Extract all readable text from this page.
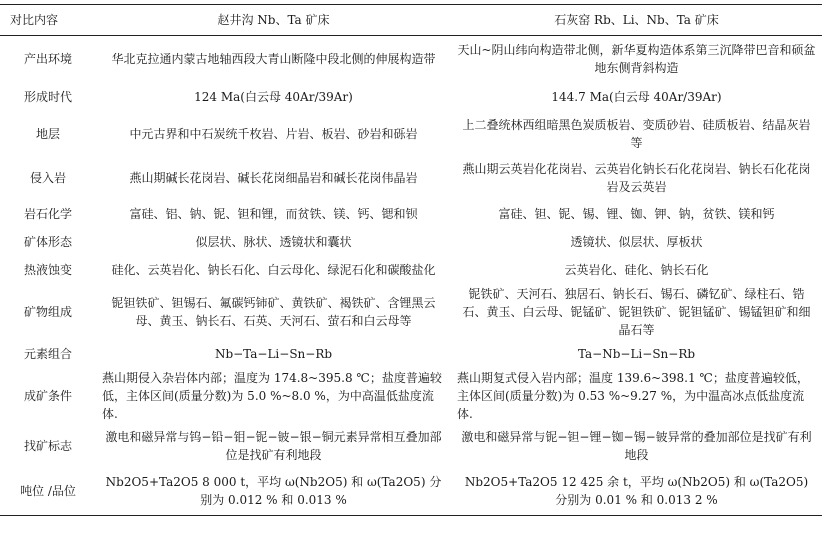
对比内容	赵井沟 Nb、Ta 矿床	石灰窑 Rb、Li、Nb、Ta 矿床
产出环境	华北克拉通内蒙古地轴西段大青山断隆中段北侧的伸展构造带	天山~阴山纬向构造带北侧，新华夏构造体系第三沉降带巴音和硕盆地东侧背斜构造
形成时代	124 Ma(白云母 40Ar/39Ar)	144.7 Ma(白云母 40Ar/39Ar)
地层	中元古界和中石炭统千枚岩、片岩、板岩、砂岩和砾岩	上二叠统林西组暗黑色炭质板岩、变质砂岩、硅质板岩、结晶灰岩等
侵入岩	燕山期碱长花岗岩、碱长花岗细晶岩和碱长花岗伟晶岩	燕山期云英岩化花岗岩、云英岩化钠长石化花岗岩、钠长石化花岗岩及云英岩
岩石化学	富硅、铝、钠、铌、钽和锂，而贫铁、镁、钙、锶和钡	富硅、钽、铌、锡、锂、铷、钾、钠，贫铁、镁和钙
矿体形态	似层状、脉状、透镜状和囊状	透镜状、似层状、厚板状
热液蚀变	硅化、云英岩化、钠长石化、白云母化、绿泥石化和碳酸盐化	云英岩化、硅化、钠长石化
矿物组成	铌钽铁矿、钽锡石、氟碳钙铈矿、黄铁矿、褐铁矿、含锂黑云母、黄玉、钠长石、石英、天河石、萤石和白云母等	铌铁矿、天河石、独居石、钠长石、锡石、磷钇矿、绿柱石、锆石、黄玉、白云母、铌锰矿、铌钽铁矿、铌钽锰矿、锡锰钽矿和细晶石等
元素组合	Nb−Ta−Li−Sn−Rb	Ta−Nb−Li−Sn−Rb
成矿条件	燕山期侵入杂岩体内部；温度为 174.8~395.8 ℃；盐度普遍较低，主体区间(质量分数)为 5.0 %~8.0 %，为中高温低盐度流体.	燕山期复式侵入岩内部；温度 139.6~398.1 ℃；盐度普遍较低，主体区间(质量分数)为 0.53 %~9.27 %，为中温高冰点低盐度流体.
找矿标志	激电和磁异常与钨−铅−钼−铌−铍−银−铜元素异常相互叠加部位是找矿有利地段	激电和磁异常与铌−钽−锂−铷−锡−铍异常的叠加部位是找矿有利地段
吨位 /品位	Nb2O5+Ta2O5 8 000 t，平均 ω(Nb2O5) 和 ω(Ta2O5) 分别为 0.012 % 和 0.013 %	Nb2O5+Ta2O5 12 425 余 t，平均 ω(Nb2O5) 和 ω(Ta2O5) 分别为 0.01 % 和 0.013 2 %
